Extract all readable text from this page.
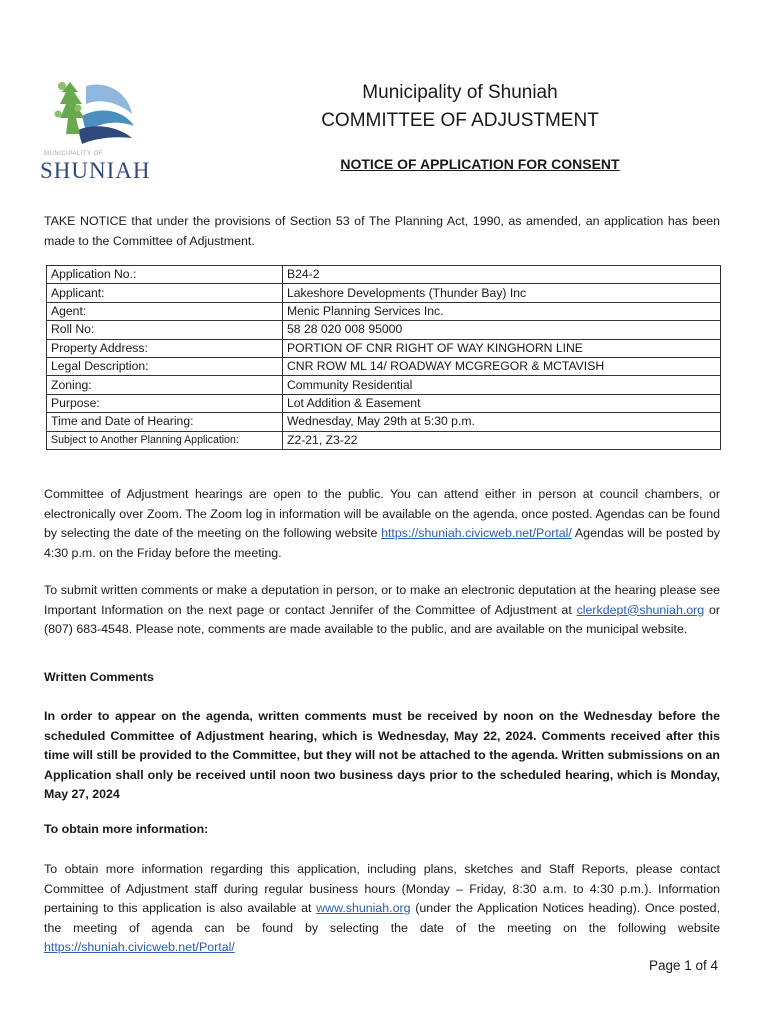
MUNICIPALITY OF
SHUNIAH
Municipality of Shuniah
COMMITTEE OF ADJUSTMENT
NOTICE OF APPLICATION FOR CONSENT
TAKE NOTICE that under the provisions of Section 53 of The Planning Act, 1990, as amended, an application has been made to the Committee of Adjustment.
Application No.:	B24-2
Applicant:	Lakeshore Developments (Thunder Bay) Inc
Agent:	Menic Planning Services Inc.
Roll No:	58 28 020 008 95000
Property Address:	PORTION OF CNR RIGHT OF WAY KINGHORN LINE
Legal Description:	CNR ROW ML 14/ ROADWAY MCGREGOR & MCTAVISH
Zoning:	Community Residential
Purpose:	Lot Addition & Easement
Time and Date of Hearing:	Wednesday, May 29th at 5:30 p.m.
Subject to Another Planning Application:	Z2-21, Z3-22
Committee of Adjustment hearings are open to the public. You can attend either in person at council chambers, or electronically over Zoom. The Zoom log in information will be available on the agenda, once posted. Agendas can be found by selecting the date of the meeting on the following website https://shuniah.civicweb.net/Portal/ Agendas will be posted by 4:30 p.m. on the Friday before the meeting.
To submit written comments or make a deputation in person, or to make an electronic deputation at the hearing please see Important Information on the next page or contact Jennifer of the Committee of Adjustment at clerkdept@shuniah.org or (807) 683-4548. Please note, comments are made available to the public, and are available on the municipal website.
Written Comments
In order to appear on the agenda, written comments must be received by noon on the Wednesday before the scheduled Committee of Adjustment hearing, which is Wednesday, May 22, 2024. Comments received after this time will still be provided to the Committee, but they will not be attached to the agenda. Written submissions on an Application shall only be received until noon two business days prior to the scheduled hearing, which is Monday, May 27, 2024
To obtain more information:
To obtain more information regarding this application, including plans, sketches and Staff Reports, please contact Committee of Adjustment staff during regular business hours (Monday – Friday, 8:30 a.m. to 4:30 p.m.). Information pertaining to this application is also available at www.shuniah.org (under the Application Notices heading). Once posted, the meeting of agenda can be found by selecting the date of the meeting on the following website https://shuniah.civicweb.net/Portal/
Page 1 of 4
